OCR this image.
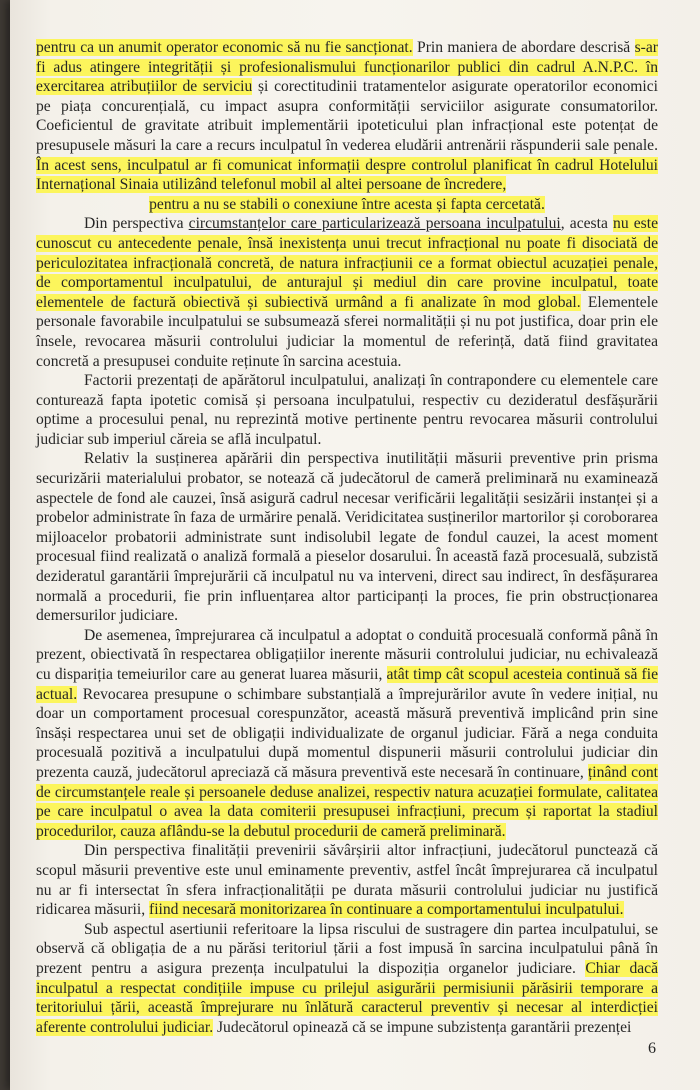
pentru ca un anumit operator economic să nu fie sancționat. Prin maniera de abordare descrisă s-ar fi adus atingere integrității și profesionalismului funcționarilor publici din cadrul A.N.P.C. în exercitarea atribuțiilor de serviciu și corectitudinii tratamentelor asigurate operatorilor economici pe piața concurențială, cu impact asupra conformității serviciilor asigurate consumatorilor. Coeficientul de gravitate atribuit implementării ipoteticului plan infracțional este potențat de presupusele măsuri la care a recurs inculpatul în vederea eludării antrenării răspunderii sale penale. În acest sens, inculpatul ar fi comunicat informații despre controlul planificat în cadrul Hotelului Internațional Sinaia utilizând telefonul mobil al altei persoane de încredere,

pentru a nu se stabili o conexiune între acesta și fapta cercetată.

Din perspectiva circumstanțelor care particularizează persoana inculpatului, acesta nu este cunoscut cu antecedente penale, însă inexistența unui trecut infracțional nu poate fi disociată de periculozitatea infracțională concretă, de natura infracțiunii ce a format obiectul acuzației penale, de comportamentul inculpatului, de anturajul și mediul din care provine inculpatul, toate elementele de factură obiectivă și subiectivă urmând a fi analizate în mod global. Elementele personale favorabile inculpatului se subsumează sferei normalității și nu pot justifica, doar prin ele însele, revocarea măsurii controlului judiciar la momentul de referință, dată fiind gravitatea concretă a presupusei conduite reținute în sarcina acestuia.

Factorii prezentați de apărătorul inculpatului, analizați în contrapondere cu elementele care conturează fapta ipotetic comisă și persoana inculpatului, respectiv cu dezideratul desfășurării optime a procesului penal, nu reprezintă motive pertinente pentru revocarea măsurii controlului judiciar sub imperiul căreia se află inculpatul.

Relativ la susținerea apărării din perspectiva inutilității măsurii preventive prin prisma securizării materialului probator, se notează că judecătorul de cameră preliminară nu examinează aspectele de fond ale cauzei, însă asigură cadrul necesar verificării legalității sesizării instanței și a probelor administrate în faza de urmărire penală. Veridicitatea susținerilor martorilor și coroborarea mijloacelor probatorii administrate sunt indisolubil legate de fondul cauzei, la acest moment procesual fiind realizată o analiză formală a pieselor dosarului. În această fază procesuală, subzistă dezideratul garantării împrejurării că inculpatul nu va interveni, direct sau indirect, în desfășurarea normală a procedurii, fie prin influențarea altor participanți la proces, fie prin obstrucționarea demersurilor judiciare.

De asemenea, împrejurarea că inculpatul a adoptat o conduită procesuală conformă până în prezent, obiectivată în respectarea obligațiilor inerente măsurii controlului judiciar, nu echivalează cu dispariția temeiurilor care au generat luarea măsurii, atât timp cât scopul acesteia continuă să fie actual. Revocarea presupune o schimbare substanțială a împrejurărilor avute în vedere inițial, nu doar un comportament procesual corespunzător, această măsură preventivă implicând prin sine însăși respectarea unui set de obligații individualizate de organul judiciar. Fără a nega conduita procesuală pozitivă a inculpatului după momentul dispunerii măsurii controlului judiciar din prezenta cauză, judecătorul apreciază că măsura preventivă este necesară în continuare, ținând cont de circumstanțele reale și persoanele deduse analizei, respectiv natura acuzației formulate, calitatea pe care inculpatul o avea la data comiterii presupusei infracțiuni, precum și raportat la stadiul procedurilor, cauza aflându-se la debutul procedurii de cameră preliminară.

Din perspectiva finalității prevenirii săvârșirii altor infracțiuni, judecătorul punctează că scopul măsurii preventive este unul eminamente preventiv, astfel încât împrejurarea că inculpatul nu ar fi intersectat în sfera infracționalității pe durata măsurii controlului judiciar nu justifică ridicarea măsurii, fiind necesară monitorizarea în continuare a comportamentului inculpatului.

Sub aspectul asertiunii referitoare la lipsa riscului de sustragere din partea inculpatului, se observă că obligația de a nu părăsi teritoriul țării a fost impusă în sarcina inculpatului până în prezent pentru a asigura prezența inculpatului la dispoziția organelor judiciare. Chiar dacă inculpatul a respectat condițiile impuse cu prilejul asigurării permisiunii părăsirii temporare a teritoriului țării, această împrejurare nu înlătură caracterul preventiv și necesar al interdicției aferente controlului judiciar. Judecătorul opinează că se impune subzistența garantării prezenței

6
